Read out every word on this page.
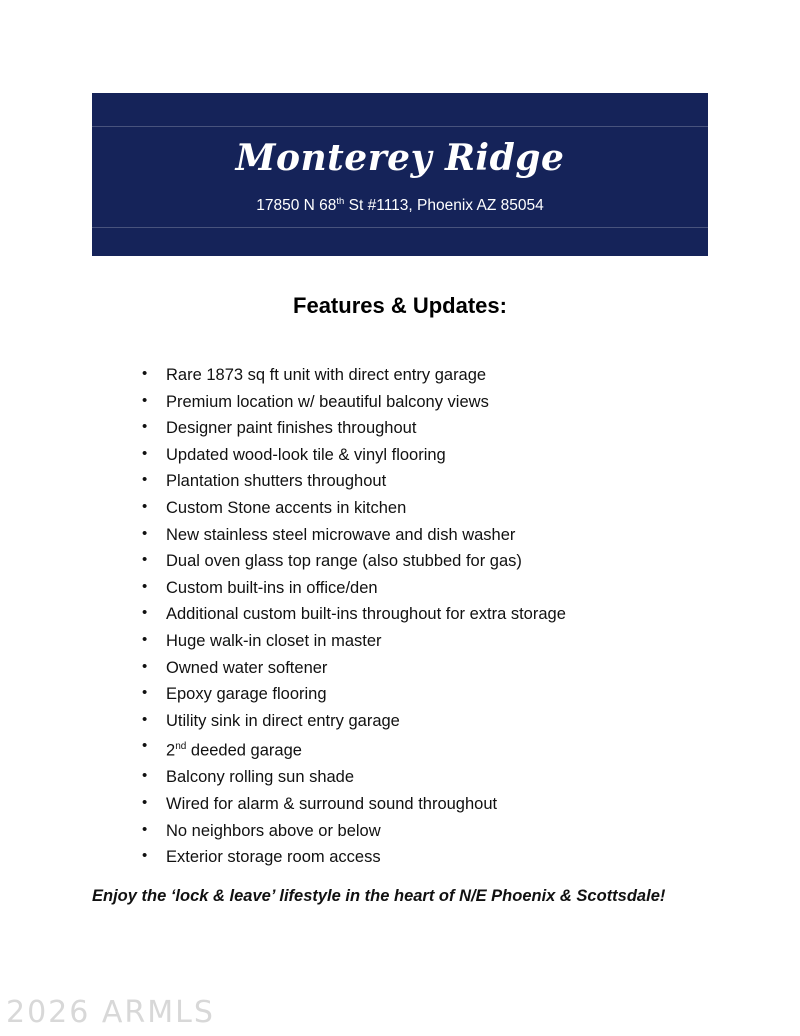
Monterey Ridge
17850 N 68th St #1113, Phoenix AZ 85054
Features & Updates:
• Rare 1873 sq ft unit with direct entry garage
• Premium location w/ beautiful balcony views
• Designer paint finishes throughout
• Updated wood-look tile & vinyl flooring
• Plantation shutters throughout
• Custom Stone accents in kitchen
• New stainless steel microwave and dish washer
• Dual oven glass top range (also stubbed for gas)
• Custom built-ins in office/den
• Additional custom built-ins throughout for extra storage
• Huge walk-in closet in master
• Owned water softener
• Epoxy garage flooring
• Utility sink in direct entry garage
• 2nd deeded garage
• Balcony rolling sun shade
• Wired for alarm & surround sound throughout
• No neighbors above or below
• Exterior storage room access
Enjoy the ‘lock & leave’ lifestyle in the heart of N/E Phoenix & Scottsdale!
2026 ARMLS
